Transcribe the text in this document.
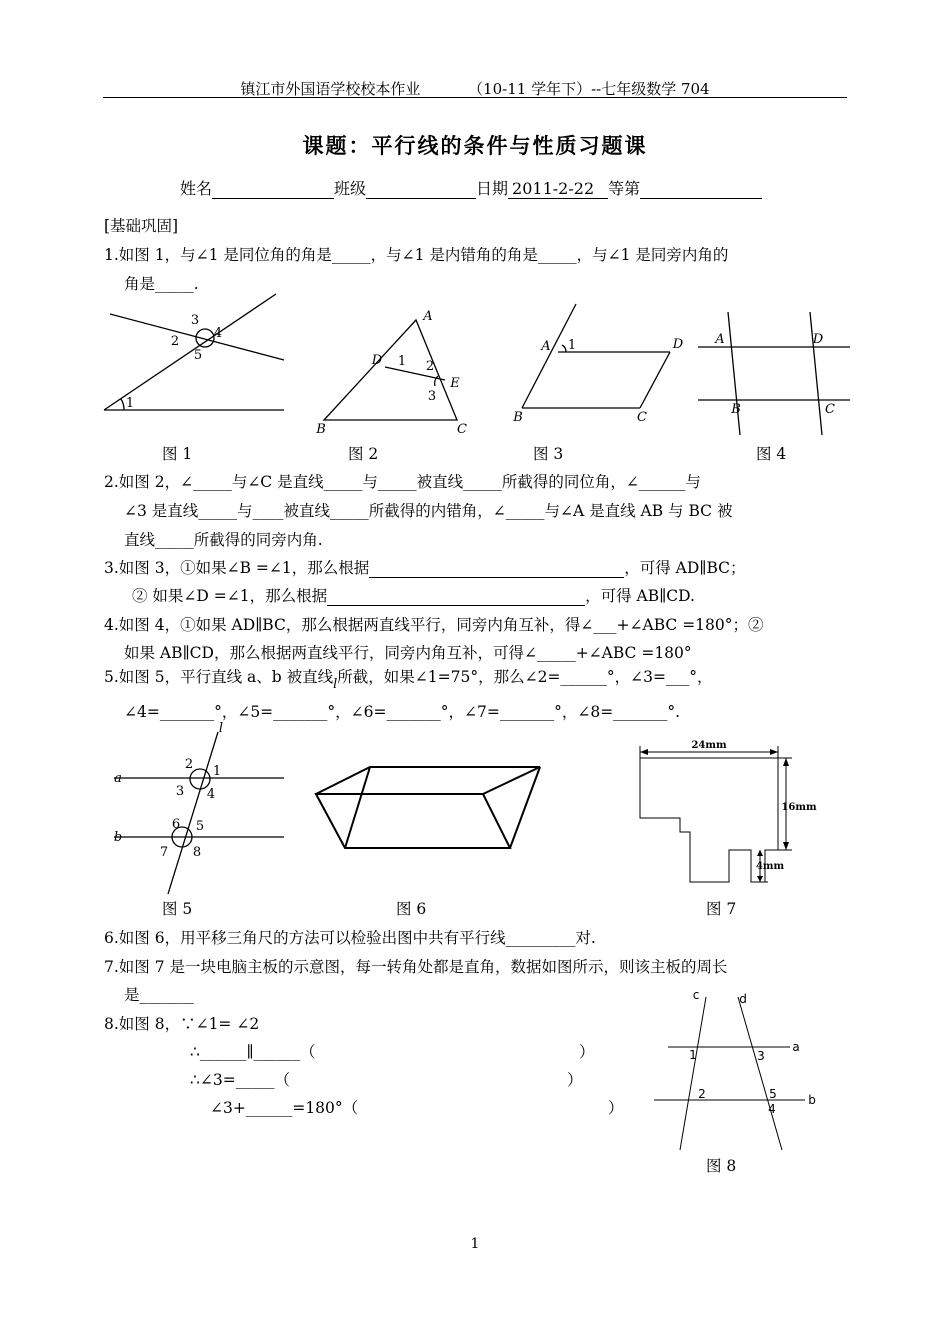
镇江市外国语学校校本作业          （10-11 学年下）--七年级数学 704
课题：平行线的条件与性质习题课
姓名	班级	日期 2011-2-22 等第
[基础巩固]
1.如图 1，与∠1 是同位角的角是_____，与∠1 是内错角的角是_____，与∠1 是同旁内角的
角是_____.
3
4
2
5
1
A
D 1 2
E
3
B	C
A 1	D
B	C
A	D
B	C
图 1	图 2	图 3	图 4
2.如图 2，∠_____与∠C 是直线_____与_____被直线_____所截得的同位角，∠______与
∠3 是直线_____与____被直线_____所截得的内错角，∠_____与∠A 是直线 AB 与 BC 被
直线_____所截得的同旁内角.
3.如图 3，①如果∠B =∠1，那么根据	，可得 AD∥BC；
② 如果∠D =∠1，那么根据	，可得 AB∥CD.
4.如图 4，①如果 AD∥BC，那么根据两直线平行，同旁内角互补，得∠___+∠ABC =180°；②
如果 AB∥CD，那么根据两直线平行，同旁内角互补，可得∠_____+∠ABC =180°
5.如图 5，平行直线 a、b 被直线$_l$所截，如果∠1=75°，那么∠2=______°，∠3=___°，
∠4=_______°，∠5=_______°，∠6=_______°，∠7=_______°，∠8=_______°.
l
a
b
2 1
3 4
6 5
7 8
24mm
16mm
4mm
图 5	图 6	图 7
6.如图 6，用平移三角尺的方法可以检验出图中共有平行线_________对.
7.如图 7 是一块电脑主板的示意图，每一转角处都是直角，数据如图所示，则该主板的周长
是_______
8.如图 8，∵∠1= ∠2
∴______∥______（	）
∴∠3=_____（	）
∠3+______=180°（	）
c	d
a
b
1	3
2	5
4
图 8
1
